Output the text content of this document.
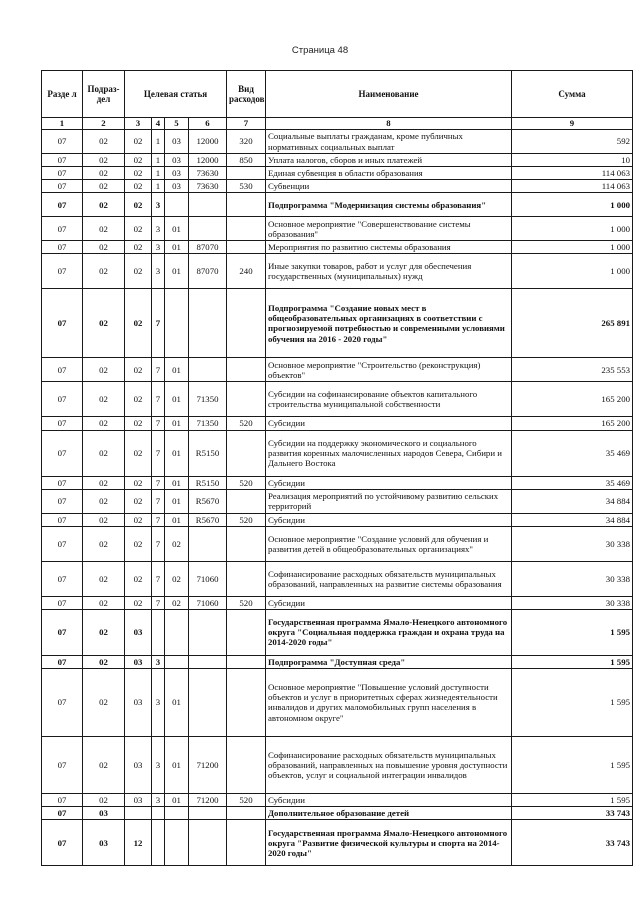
Страница 48
Разде л	Подраз- дел	Целевая статья				Вид расходов	Наименование	Сумма
1	2	3	4	5	6	7	8	9
07	02	02	1	03	12000	320	Социальные выплаты гражданам, кроме публичных нормативных социальных выплат	592
07	02	02	1	03	12000	850	Уплата налогов, сборов и иных платежей	10
07	02	02	1	03	73630		Единая субвенция в области образования	114 063
07	02	02	1	03	73630	530	Субвенции	114 063
07	02	02	3				Подпрограмма "Модернизация системы образования"	1 000
07	02	02	3	01			Основное мероприятие "Совершенствование системы образования"	1 000
07	02	02	3	01	87070		Мероприятия по развитию системы образования	1 000
07	02	02	3	01	87070	240	Иные закупки товаров, работ и услуг для обеспечения государственных (муниципальных) нужд	1 000
07	02	02	7				Подпрограмма "Создание новых мест в общеобразовательных организациях в соответствии с прогнозируемой потребностью и современными условиями обучения на 2016 - 2020 годы"	265 891
07	02	02	7	01			Основное мероприятие "Строительство (реконструкция) объектов"	235 553
07	02	02	7	01	71350		Субсидии на софинансирование объектов капитального строительства муниципальной собственности	165 200
07	02	02	7	01	71350	520	Субсидии	165 200
07	02	02	7	01	R5150		Субсидии на поддержку экономического и социального развития коренных малочисленных народов Севера, Сибири и Дальнего Востока	35 469
07	02	02	7	01	R5150	520	Субсидии	35 469
07	02	02	7	01	R5670		Реализация мероприятий по устойчивому развитию сельских территорий	34 884
07	02	02	7	01	R5670	520	Субсидии	34 884
07	02	02	7	02			Основное мероприятие "Создание условий для обучения и развития детей в общеобразовательных организациях"	30 338
07	02	02	7	02	71060		Софинансирование расходных обязательств муниципальных образований, направленных на развитие системы образования	30 338
07	02	02	7	02	71060	520	Субсидии	30 338
07	02	03					Государственная программа Ямало-Ненецкого автономного округа "Социальная поддержка граждан и охрана труда на 2014-2020 годы"	1 595
07	02	03	3				Подпрограмма "Доступная среда"	1 595
07	02	03	3	01			Основное мероприятие "Повышение условий доступности объектов и услуг в приоритетных сферах жизнедеятельности инвалидов и других маломобильных групп населения в автономном округе"	1 595
07	02	03	3	01	71200		Софинансирование расходных обязательств муниципальных образований, направленных на повышение уровня доступности объектов, услуг и социальной интеграции инвалидов	1 595
07	02	03	3	01	71200	520	Субсидии	1 595
07	03						Дополнительное образование детей	33 743
07	03	12					Государственная программа Ямало-Ненецкого автономного округа "Развитие физической культуры и спорта на 2014-2020 годы"	33 743
